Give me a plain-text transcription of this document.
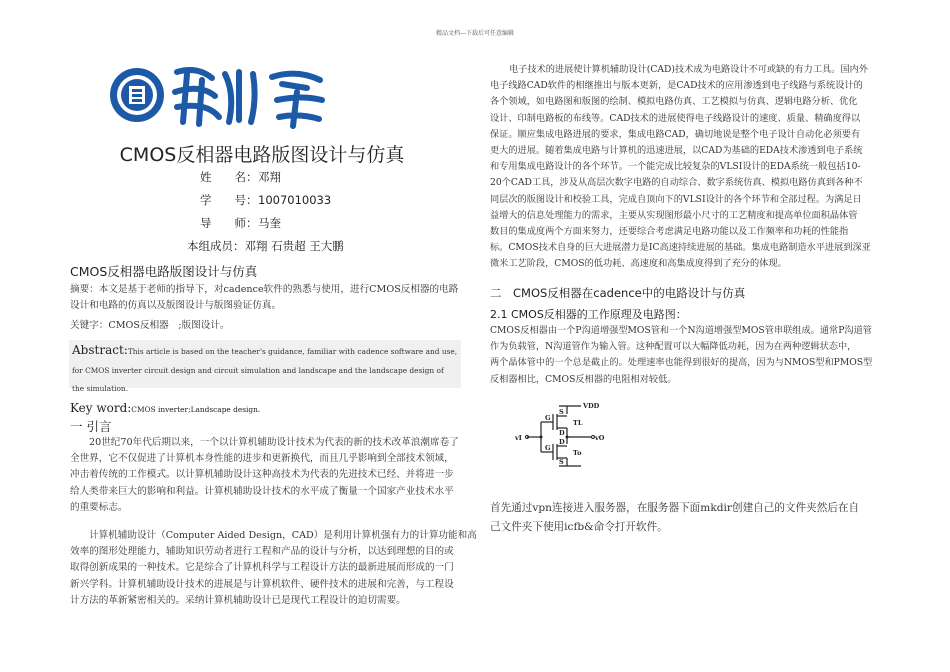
精品文档---下载后可任意编辑
CMOS反相器电路版图设计与仿真
姓　　名：邓翔
学　　号：1007010033
导　　师：马奎
本组成员：邓翔 石贵超 王大鹏
CMOS反相器电路版图设计与仿真
摘要：本文是基于老师的指导下，对cadence软件的熟悉与使用，进行CMOS反相器的电路设计和电路的仿真以及版图设计与版图验证仿真。
关键字：CMOS反相器　;版图设计。
Abstract:This article is based on the teacher's guidance, familiar with cadence software and use,
for CMOS inverter circuit design and circuit simulation and landscape and the landscape design of
the simulation.
Key word:CMOS inverter;Landscape design.
一 引言
20世纪70年代后期以来，一个以计算机辅助设计技术为代表的新的技术改革浪潮席卷了
全世界，它不仅促进了计算机本身性能的进步和更新换代，而且几乎影响到全部技术领域，
冲击着传统的工作模式。以计算机辅助设计这种高技术为代表的先进技术已经、并将进一步
给人类带来巨大的影响和利益。计算机辅助设计技术的水平成了衡量一个国家产业技术水平
的重要标志。
计算机辅助设计（Computer Aided Design，CAD）是利用计算机强有力的计算功能和高
效率的图形处理能力，辅助知识劳动者进行工程和产品的设计与分析，以达到理想的目的或
取得创新成果的一种技术。它是综合了计算机科学与工程设计方法的最新进展而形成的一门
新兴学科。计算机辅助设计技术的进展是与计算机软件、硬件技术的进展和完善，与工程设
计方法的革新紧密相关的。采纳计算机辅助设计已是现代工程设计的迫切需要。
电子技术的进展使计算机辅助设计(CAD)技术成为电路设计不可或缺的有力工具。国内外
电子线路CAD软件的相继推出与版本更新，是CAD技术的应用渗透到电子线路与系统设计的
各个领域，如电路图和版图的绘制、模拟电路仿真、工艺模拟与仿真、逻辑电路分析、优化
设计、印制电路板的布线等。CAD技术的进展使得电子线路设计的速度、质量、精确度得以
保证。顺应集成电路进展的要求，集成电路CAD，确切地说是整个电子设计自动化必须要有
更大的进展。随着集成电路与计算机的迅速进展，以CAD为基础的EDA技术渗透到电子系统
和专用集成电路设计的各个环节。一个能完成比较复杂的VLSI设计的EDA系统一般包括10-
20个CAD工具，涉及从高层次数字电路的自动综合、数字系统仿真、模拟电路仿真到各种不
同层次的版图设计和校验工具，完成自顶向下的VLSI设计的各个环节和全部过程。为满足日
益增大的信息处理能力的需求，主要从实现图形最小尺寸的工艺精度和提高单位面积晶体管
数目的集成度两个方面来努力，还要综合考虑满足电路功能以及工作频率和功耗的性能指
标。CMOS技术自身的巨大进展潜力是IC高速持续进展的基础。集成电路制造水平进展到深亚
微米工艺阶段，CMOS的低功耗、高速度和高集成度得到了充分的体现。
二　CMOS反相器在cadence中的电路设计与仿真
2.1 CMOS反相器的工作原理及电路图：
CMOS反相器由一个P沟道增强型MOS管和一个N沟道增强型MOS管串联组成。通常P沟道管
作为负载管，N沟道管作为输入管。这种配置可以大幅降低功耗，因为在两种逻辑状态中，
两个晶体管中的一个总是截止的。处理速率也能得到很好的提高，因为与NMOS型和PMOS型
反相器相比，CMOS反相器的电阻相对较低。
VDD
TL
To
vI	vO
G
G
S
S
D
D
首先通过vpn连接进入服务器，在服务器下面mkdir创建自己的文件夹然后在自
己文件夹下使用icfb&命令打开软件。
